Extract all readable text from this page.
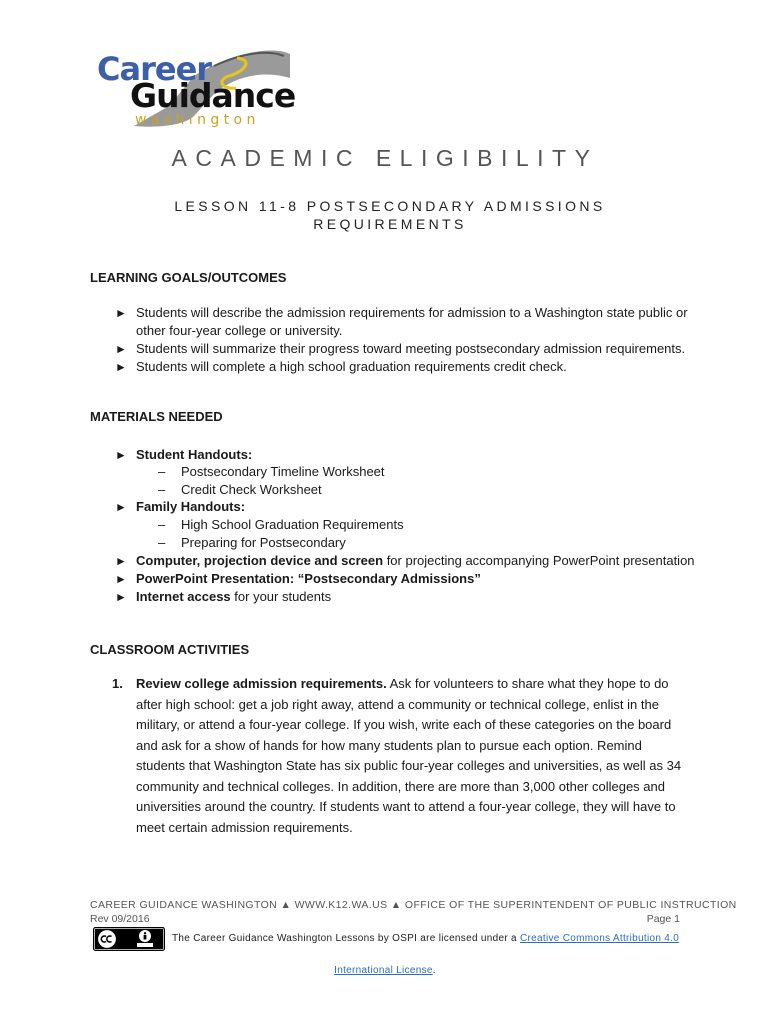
Career
Guidance
washington
ACADEMIC ELIGIBILITY
LESSON 11-8 POSTSECONDARY ADMISSIONS REQUIREMENTS
LEARNING GOALS/OUTCOMES
► Students will describe the admission requirements for admission to a Washington state public or other four-year college or university.
► Students will summarize their progress toward meeting postsecondary admission requirements.
► Students will complete a high school graduation requirements credit check.
MATERIALS NEEDED
► Student Handouts:
– Postsecondary Timeline Worksheet
– Credit Check Worksheet
► Family Handouts:
– High School Graduation Requirements
– Preparing for Postsecondary
► Computer, projection device and screen for projecting accompanying PowerPoint presentation
► PowerPoint Presentation: “Postsecondary Admissions”
► Internet access for your students
CLASSROOM ACTIVITIES
1. Review college admission requirements. Ask for volunteers to share what they hope to do after high school: get a job right away, attend a community or technical college, enlist in the military, or attend a four-year college. If you wish, write each of these categories on the board and ask for a show of hands for how many students plan to pursue each option. Remind students that Washington State has six public four-year colleges and universities, as well as 34 community and technical colleges. In addition, there are more than 3,000 other colleges and universities around the country. If students want to attend a four-year college, they will have to meet certain admission requirements.
CAREER GUIDANCE WASHINGTON ▲ WWW.K12.WA.US ▲ OFFICE OF THE SUPERINTENDENT OF PUBLIC INSTRUCTION
Rev 09/2016	Page 1
The Career Guidance Washington Lessons by OSPI are licensed under a Creative Commons Attribution 4.0
International License.
